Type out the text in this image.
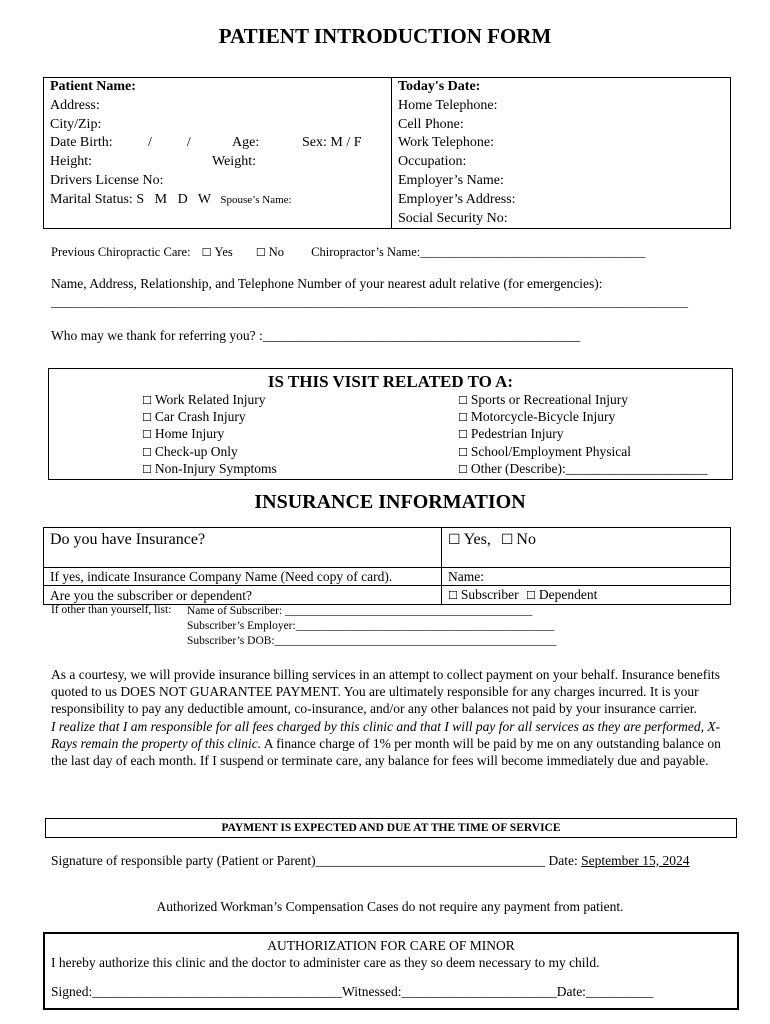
PATIENT INTRODUCTION FORM
Patient Name:
Address:
City/Zip:
Date Birth:	/          /	Age:	Sex: M / F
Height:	Weight:
Drivers License No:
Marital Status: S   M   D   W Spouse’s Name:

Today's Date:
Home Telephone:
Cell Phone:
Work Telephone:
Occupation:
Employer’s Name:
Employer’s Address:
Social Security No:
Previous Chiropractic Care: ☐ Yes ☐ No Chiropractor’s Name:____________________________________
Name, Address, Relationship, and Telephone Number of your nearest adult relative (for emergencies):
__________________________________________________________________________________________________
Who may we thank for referring you? :_______________________________________________
IS THIS VISIT RELATED TO A:
☐ Work Related Injury
☐ Car Crash Injury
☐ Home Injury
☐ Check-up Only
☐ Non-Injury Symptoms
☐ Sports or Recreational Injury
☐ Motorcycle-Bicycle Injury
☐ Pedestrian Injury
☐ School/Employment Physical
☐ Other (Describe):_____________________
INSURANCE INFORMATION
Do you have Insurance?	☐ Yes, ☐ No
If yes, indicate Insurance Company Name (Need copy of card).	Name:
Are you the subscriber or dependent?	☐ Subscriber ☐ Dependent
If other than yourself, list: Name of Subscriber: ___________________________________________
Subscriber’s Employer:_____________________________________________
Subscriber’s DOB:_________________________________________________
As a courtesy, we will provide insurance billing services in an attempt to collect payment on your behalf. Insurance benefits quoted to us DOES NOT GUARANTEE PAYMENT. You are ultimately responsible for any charges incurred. It is your responsibility to pay any deductible amount, co-insurance, and/or any other balances not paid by your insurance carrier.
I realize that I am responsible for all fees charged by this clinic and that I will pay for all services as they are performed, X-Rays remain the property of this clinic. A finance charge of 1% per month will be paid by me on any outstanding balance on the last day of each month. If I suspend or terminate care, any balance for fees will become immediately due and payable.
PAYMENT IS EXPECTED AND DUE AT THE TIME OF SERVICE
Signature of responsible party (Patient or Parent)__________________________________ Date: September 15, 2024
Authorized Workman’s Compensation Cases do not require any payment from patient.
AUTHORIZATION FOR CARE OF MINOR
I hereby authorize this clinic and the doctor to administer care as they so deem necessary to my child.
Signed:_____________________________________Witnessed:_______________________Date:__________
